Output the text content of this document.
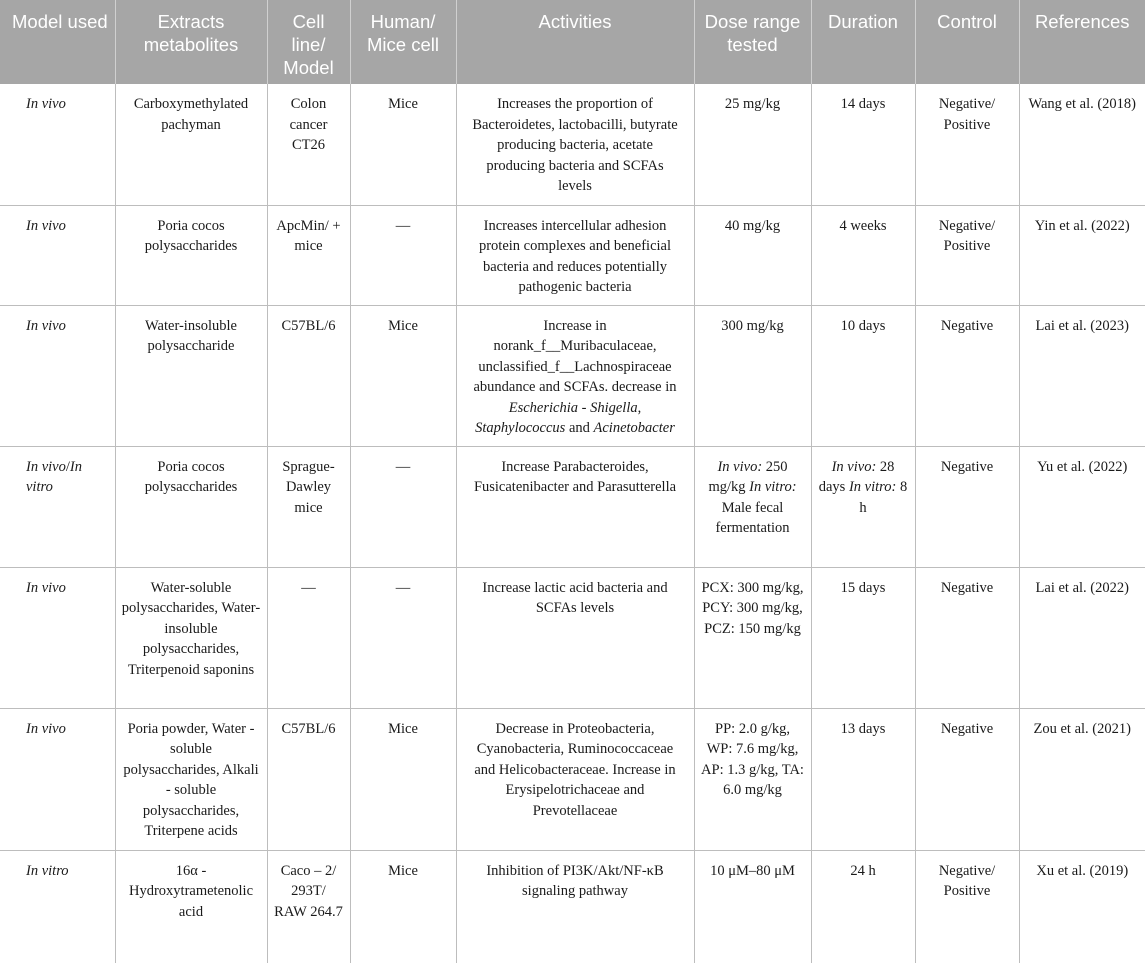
Model used	Extracts metabolites	Cell line/ Model	Human/ Mice cell	Activities	Dose range tested	Duration	Control	References
In vivo	Carboxymethylated pachyman	Colon cancer CT26	Mice	Increases the proportion of Bacteroidetes, lactobacilli, butyrate producing bacteria, acetate producing bacteria and SCFAs levels	25 mg/kg	14 days	Negative/ Positive	Wang et al. (2018)
In vivo	Poria cocos polysaccharides	ApcMin/ + mice	—	Increases intercellular adhesion protein complexes and beneficial bacteria and reduces potentially pathogenic bacteria	40 mg/kg	4 weeks	Negative/ Positive	Yin et al. (2022)
In vivo	Water-insoluble polysaccharide	C57BL/6	Mice	Increase in norank_f__Muribaculaceae, unclassified_f__Lachnospiraceae abundance and SCFAs. decrease in Escherichia - Shigella, Staphylococcus and Acinetobacter	300 mg/kg	10 days	Negative	Lai et al. (2023)
In vivo/In vitro	Poria cocos polysaccharides	Sprague-Dawley mice	—	Increase Parabacteroides, Fusicatenibacter and Parasutterella	In vivo: 250 mg/kg In vitro: Male fecal fermentation	In vivo: 28 days In vitro: 8 h	Negative	Yu et al. (2022)
In vivo	Water-soluble polysaccharides, Water-insoluble polysaccharides, Triterpenoid saponins	—	—	Increase lactic acid bacteria and SCFAs levels	PCX: 300 mg/kg, PCY: 300 mg/kg, PCZ: 150 mg/kg	15 days	Negative	Lai et al. (2022)
In vivo	Poria powder, Water - soluble polysaccharides, Alkali - soluble polysaccharides, Triterpene acids	C57BL/6	Mice	Decrease in Proteobacteria, Cyanobacteria, Ruminococcaceae and Helicobacteraceae. Increase in Erysipelotrichaceae and Prevotellaceae	PP: 2.0 g/kg, WP: 7.6 mg/kg, AP: 1.3 g/kg, TA: 6.0 mg/kg	13 days	Negative	Zou et al. (2021)
In vitro	16α - Hydroxytrametenolic acid	Caco – 2/ 293T/ RAW 264.7	Mice	Inhibition of PI3K/Akt/NF-κB signaling pathway	10 μM–80 μM	24 h	Negative/ Positive	Xu et al. (2019)
